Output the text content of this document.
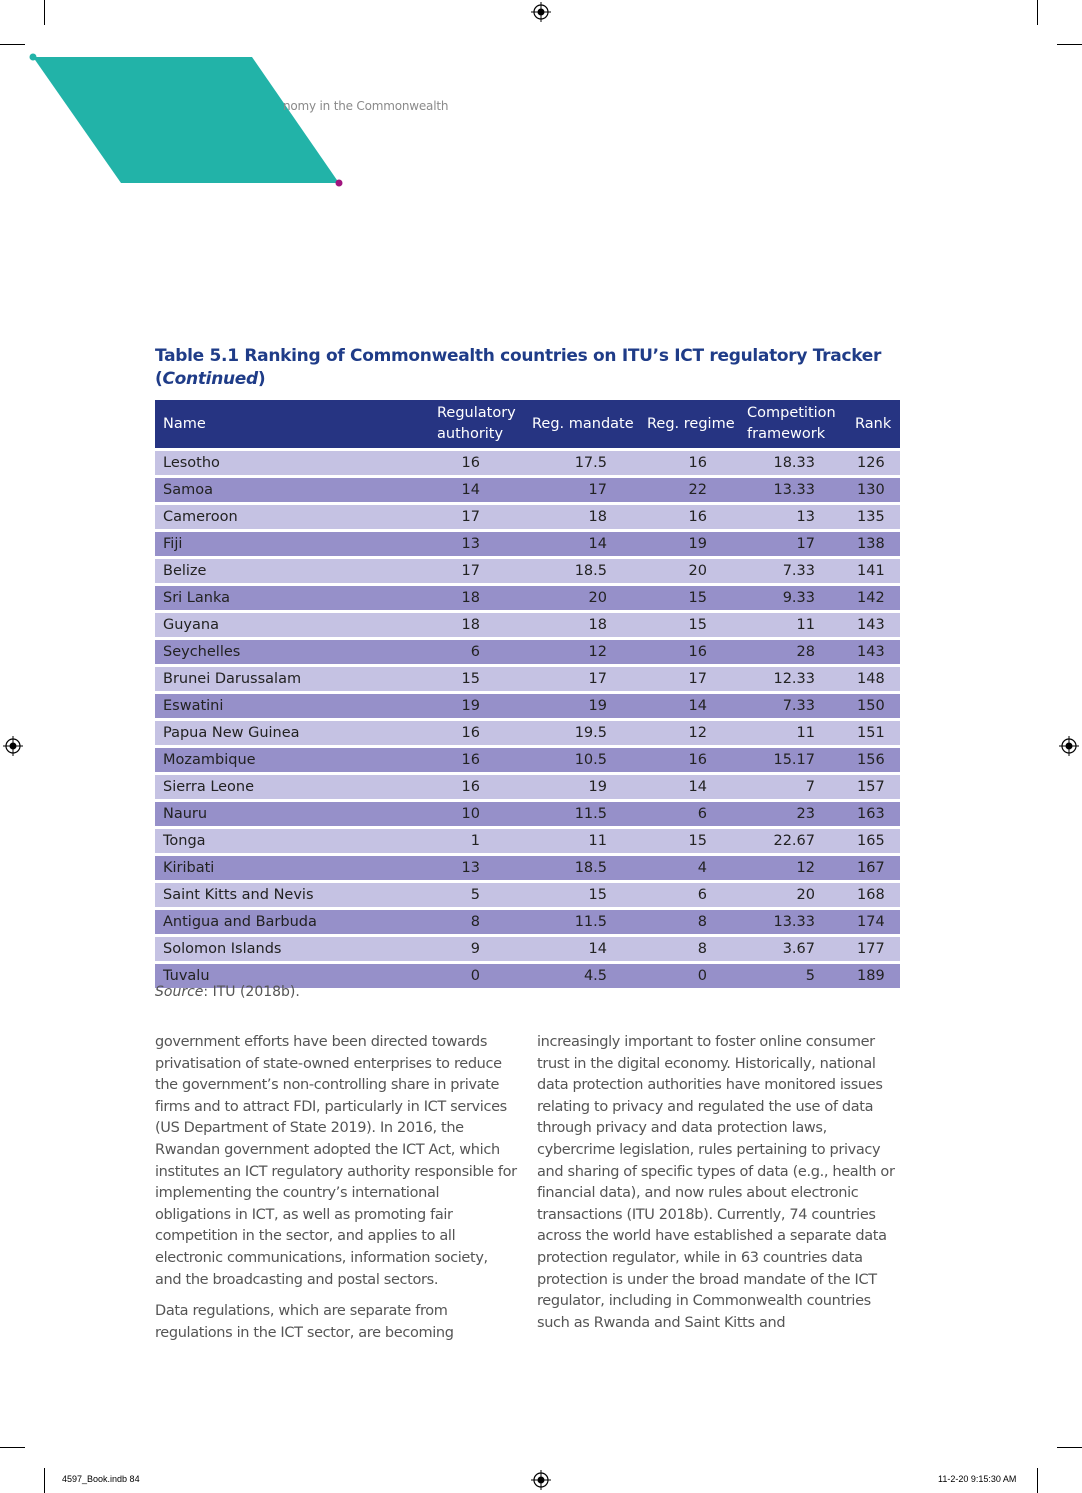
nomy in the Commonwealth
Table 5.1 Ranking of Commonwealth countries on ITU’s ICT regulatory Tracker
(Continued)
Name	Regulatory authority	Reg. mandate	Reg. regime	Competition framework	Rank
Lesotho	16	17.5	16	18.33	126
Samoa	14	17	22	13.33	130
Cameroon	17	18	16	13	135
Fiji	13	14	19	17	138
Belize	17	18.5	20	7.33	141
Sri Lanka	18	20	15	9.33	142
Guyana	18	18	15	11	143
Seychelles	6	12	16	28	143
Brunei Darussalam	15	17	17	12.33	148
Eswatini	19	19	14	7.33	150
Papua New Guinea	16	19.5	12	11	151
Mozambique	16	10.5	16	15.17	156
Sierra Leone	16	19	14	7	157
Nauru	10	11.5	6	23	163
Tonga	1	11	15	22.67	165
Kiribati	13	18.5	4	12	167
Saint Kitts and Nevis	5	15	6	20	168
Antigua and Barbuda	8	11.5	8	13.33	174
Solomon Islands	9	14	8	3.67	177
Tuvalu	0	4.5	0	5	189
Source: ITU (2018b).

government efforts have been directed towards privatisation of state-owned enterprises to reduce the government’s non-controlling share in private firms and to attract FDI, particularly in ICT services (US Department of State 2019). In 2016, the Rwandan government adopted the ICT Act, which institutes an ICT regulatory authority responsible for implementing the country’s international obligations in ICT, as well as promoting fair competition in the sector, and applies to all electronic communications, information society, and the broadcasting and postal sectors.

Data regulations, which are separate from regulations in the ICT sector, are becoming

increasingly important to foster online consumer trust in the digital economy. Historically, national data protection authorities have monitored issues relating to privacy and regulated the use of data through privacy and data protection laws, cybercrime legislation, rules pertaining to privacy and sharing of specific types of data (e.g., health or financial data), and now rules about electronic transactions (ITU 2018b). Currently, 74 countries across the world have established a separate data protection regulator, while in 63 countries data protection is under the broad mandate of the ICT regulator, including in Commonwealth countries such as Rwanda and Saint Kitts and

4597_Book.indb 84	11-2-20 9:15:30 AM
